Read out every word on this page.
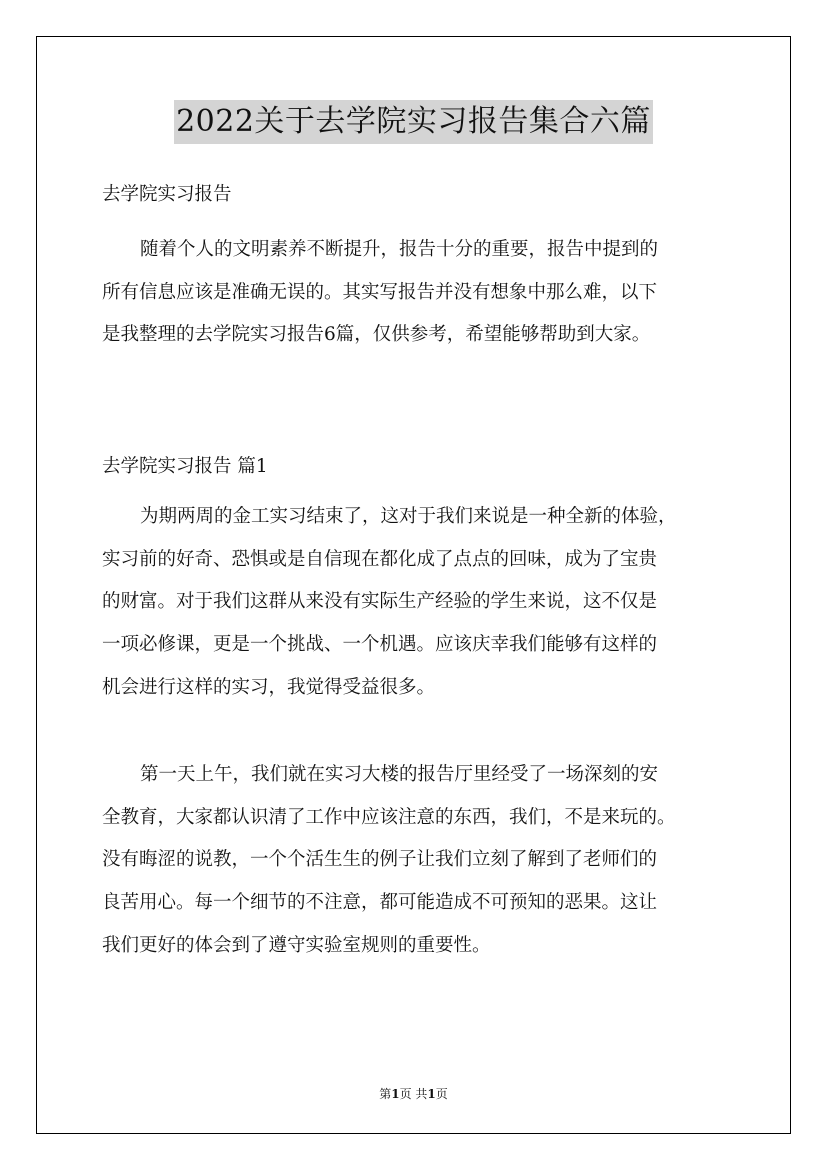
2022关于去学院实习报告集合六篇
去学院实习报告
随着个人的文明素养不断提升，报告十分的重要，报告中提到的
所有信息应该是准确无误的。其实写报告并没有想象中那么难，以下
是我整理的去学院实习报告6篇，仅供参考，希望能够帮助到大家。
去学院实习报告 篇1
为期两周的金工实习结束了，这对于我们来说是一种全新的体验，
实习前的好奇、恐惧或是自信现在都化成了点点的回味，成为了宝贵
的财富。对于我们这群从来没有实际生产经验的学生来说，这不仅是
一项必修课，更是一个挑战、一个机遇。应该庆幸我们能够有这样的
机会进行这样的实习，我觉得受益很多。
第一天上午，我们就在实习大楼的报告厅里经受了一场深刻的安
全教育，大家都认识清了工作中应该注意的东西，我们，不是来玩的。
没有晦涩的说教，一个个活生生的例子让我们立刻了解到了老师们的
良苦用心。每一个细节的不注意，都可能造成不可预知的恶果。这让
我们更好的体会到了遵守实验室规则的重要性。
第1页 共1页
